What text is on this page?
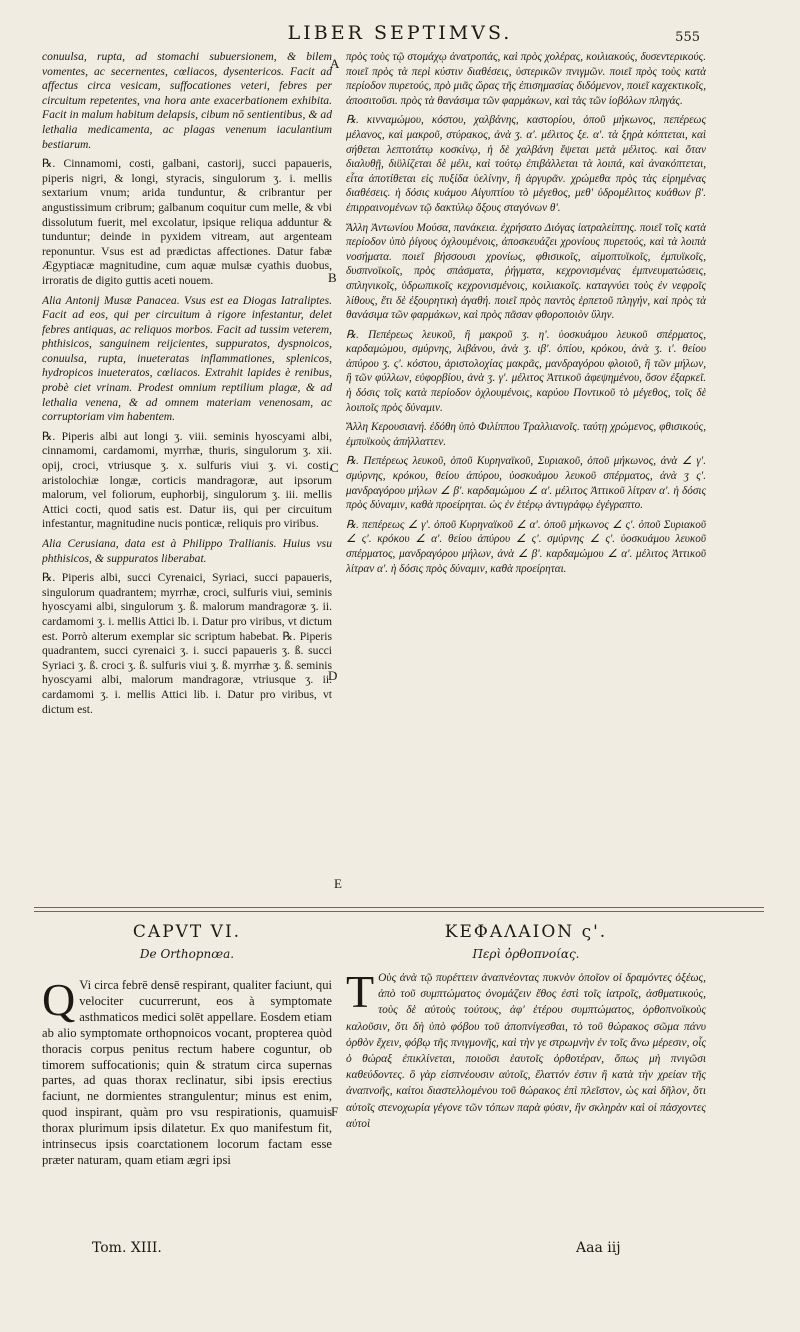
LIBER SEPTIMVS.	555

conuulsa, rupta, ad stomachi subuersionem, & bilem vomentes, ac secernentes, cœliacos, dysentericos. Facit ad affectus circa vesicam, suffocationes veteri, febres per circuitum repetentes, vna hora ante exacerbationem exhibita. Facit in malum habitum delapsis, cibum nō sentientibus, & ad lethalia medicamenta, ac plagas venenum iaculantium bestiarum.

℞. Cinnamomi, costi, galbani, castorij, succi papaueris, piperis nigri, & longi, styracis, singulorum ʒ. i. mellis sextarium vnum; arida tunduntur, & cribrantur per angustissimum cribrum; galbanum coquitur cum melle, & vbi dissolutum fuerit, mel excolatur, ipsique reliqua adduntur & tunduntur; deinde in pyxidem vitream, aut argenteam reponuntur. Vsus est ad prædictas affectiones. Datur fabæ Ægyptiacæ magnitudine, cum aquæ mulsæ cyathis duobus, irroratis de digito guttis aceti nouem.

Alia Antonij Musæ Panacea. Vsus est ea Diogas Iatraliptes. Facit ad eos, qui per circuitum à rigore infestantur, delet febres antiquas, ac reliquos morbos. Facit ad tussim veterem, phthisicos, sanguinem reijcientes, suppuratos, dyspnoicos, conuulsa, rupta, inueteratas inflammationes, splenicos, hydropicos inueteratos, cœliacos. Extrahit lapides è renibus, probè ciet vrinam. Prodest omnium reptilium plagæ, & ad lethalia venena, & ad omnem materiam venenosam, ac corruptoriam vim habentem.

℞. Piperis albi aut longi ʒ. viii. seminis hyoscyami albi, cinnamomi, cardamomi, myrrhæ, thuris, singulorum ʒ. xii. opij, croci, vtriusque ʒ. x. sulfuris viui ʒ. vi. costi, aristolochiæ longæ, corticis mandragoræ, aut ipsorum malorum, vel foliorum, euphorbij, singulorum ʒ. iii. mellis Attici cocti, quod satis est. Datur iis, qui per circuitum infestantur, magnitudine nucis ponticæ, reliquis pro viribus.

Alia Cerusiana, data est à Philippo Trallianis. Huius vsu phthisicos, & suppuratos liberabat.

℞. Piperis albi, succi Cyrenaici, Syriaci, succi papaueris, singulorum quadrantem; myrrhæ, croci, sulfuris viui, seminis hyoscyami albi, singulorum ʒ. ß. malorum mandragoræ ʒ. ii. cardamomi ʒ. i. mellis Attici lb. i. Datur pro viribus, vt dictum est. Porrò alterum exemplar sic scriptum habebat. ℞. Piperis quadrantem, succi cyrenaici ʒ. i. succi papaueris ʒ. ß. succi Syriaci ʒ. ß. croci ʒ. ß. sulfuris viui ʒ. ß. myrrhæ ʒ. ß. seminis hyoscyami albi, malorum mandragoræ, vtriusque ʒ. ii. cardamomi ʒ. i. mellis Attici lib. i. Datur pro viribus, vt dictum est.

πρὸς τοὺς τῷ στομάχῳ ἀνατροπάς, καὶ πρὸς χολέρας, κοιλιακούς, δυσεντερικούς. ποιεῖ πρὸς τὰ περὶ κύστιν διαθέσεις, ὑστερικῶν πνιγμῶν. ποιεῖ πρὸς τοὺς κατὰ περίοδον πυρετούς, πρὸ μιᾶς ὥρας τῆς ἐπισημασίας διδόμενον, ποιεῖ καχεκτικοῖς, ἀποσιτοῦσι. πρὸς τὰ θανάσιμα τῶν φαρμάκων, καὶ τὰς τῶν ἰοβόλων πληγάς.

℞. κινναμώμου, κόστου, χαλβάνης, καστορίου, ὀποῦ μήκωνος, πεπέρεως μέλανος, καὶ μακροῦ, στύρακος, ἀνὰ ʒ. α'. μέλιτος ξε. α'. τὰ ξηρὰ κόπτεται, καὶ σήθεται λεπτοτάτῳ κοσκίνῳ, ἡ δὲ χαλβάνη ἕψεται μετὰ μέλιτος. καὶ ὅταν διαλυθῇ, διϋλίζεται δὲ μέλι, καὶ τούτῳ ἐπιβάλλεται τὰ λοιπά, καὶ ἀνακόπτεται, εἶτα ἀποτίθεται εἰς πυξίδα ὑελίνην, ἢ ἀργυρᾶν. χρώμεθα πρὸς τὰς εἰρημένας διαθέσεις. ἡ δόσις κυάμου Αἰγυπτίου τὸ μέγεθος, μεθ' ὑδρομέλιτος κυάθων β'. ἐπιρραινομένων τῷ δακτύλῳ ὄξους σταγόνων θ'.

Ἄλλη Ἀντωνίου Μούσα, πανάκεια. ἐχρήσατο Διόγας ἰατραλείπτης. ποιεῖ τοῖς κατὰ περίοδον ὑπὸ ῥίγους ὀχλουμένοις, ἀποσκευάζει χρονίους πυρετούς, καὶ τὰ λοιπὰ νοσήματα. ποιεῖ βήσσουσι χρονίως, φθισικοῖς, αἱμοπτυϊκοῖς, ἐμπυϊκοῖς, δυσπνοϊκοῖς, πρὸς σπάσματα, ῥήγματα, κεχρονισμένας ἐμπνευματώσεις, σπληνικοῖς, ὑδρωπικοῖς κεχρονισμένοις, κοιλιακοῖς. καταγνύει τοὺς ἐν νεφροῖς λίθους, ἔτι δὲ ἐξουρητικὴ ἀγαθή. ποιεῖ πρὸς παντὸς ἑρπετοῦ πληγήν, καὶ πρὸς τὰ θανάσιμα τῶν φαρμάκων, καὶ πρὸς πᾶσαν φθοροποιὸν ὕλην.

℞. Πεπέρεως λευκοῦ, ἢ μακροῦ ʒ. η'. ὑοσκυάμου λευκοῦ σπέρματος, καρδαμώμου, σμύρνης, λιβάνου, ἀνὰ ʒ. ιβ'. ὀπίου, κρόκου, ἀνὰ ʒ. ι'. θείου ἀπύρου ʒ. ς'. κόστου, ἀριστολοχίας μακρᾶς, μανδραγόρου φλοιοῦ, ἢ τῶν μήλων, ἢ τῶν φύλλων, εὐφορβίου, ἀνὰ ʒ. γ'. μέλιτος Ἀττικοῦ ἀφεψημένου, ὅσον ἐξαρκεῖ. ἡ δόσις τοῖς κατὰ περίοδον ὀχλουμένοις, καρύου Ποντικοῦ τὸ μέγεθος, τοῖς δὲ λοιποῖς πρὸς δύναμιν.

Ἄλλη Κερουσιανή. ἐδόθη ὑπὸ Φιλίππου Τραλλιανοῖς. ταύτῃ χρώμενος, φθισικούς, ἐμπυϊκοὺς ἀπήλλαττεν.

℞. Πεπέρεως λευκοῦ, ὀποῦ Κυρηναϊκοῦ, Συριακοῦ, ὀποῦ μήκωνος, ἀνὰ ∠ γ'. σμύρνης, κρόκου, θείου ἀπύρου, ὑοσκυάμου λευκοῦ σπέρματος, ἀνὰ ʒ ς'. μανδραγόρου μήλων ∠ β'. καρδαμώμου ∠ α'. μέλιτος Ἀττικοῦ λίτραν α'. ἡ δόσις πρὸς δύναμιν, καθὰ προείρηται. ὡς ἐν ἑτέρῳ ἀντιγράφῳ ἐγέγραπτο.

℞. πεπέρεως ∠ γ'. ὀποῦ Κυρηναϊκοῦ ∠ α'. ὀποῦ μήκωνος ∠ ς'. ὀποῦ Συριακοῦ ∠ ς'. κρόκου ∠ α'. θείου ἀπύρου ∠ ς'. σμύρνης ∠ ς'. ὑοσκυάμου λευκοῦ σπέρματος, μανδραγόρου μήλων, ἀνὰ ∠ β'. καρδαμώμου ∠ α'. μέλιτος Ἀττικοῦ λίτραν α'. ἡ δόσις πρὸς δύναμιν, καθὰ προείρηται.

A
B
C
D
E
F
CAPVT VI.
De Orthopnœa.
ΚΕΦΑΛΑΙΟΝ ς'.
Περὶ ὀρθοπνοίας.
Q Vi circa febrē densē respirant, qualiter faciunt, qui velociter cucurrerunt, eos à symptomate asthmaticos medici solēt appellare. Eosdem etiam ab alio symptomate orthopnoicos vocant, propterea quòd thoracis corpus penitus rectum habere coguntur, ob timorem suffocationis; quin & stratum circa supernas partes, ad quas thorax reclinatur, sibi ipsis erectius faciunt, ne dormientes strangulentur; minus est enim, quod inspirant, quàm pro vsu respirationis, quamuis thorax plurimum ipsis dilatetur. Ex quo manifestum fit, intrinsecus ipsis coarctationem locorum factam esse præter naturam, quam etiam ægri ipsi
Τ Οὺς ἀνὰ τῷ πυρέττειν ἀναπνέοντας πυκνὸν ὁποῖον οἱ δραμόντες ὀξέως, ἀπὸ τοῦ συμπτώματος ὀνομάζειν ἔθος ἐστὶ τοῖς ἰατροῖς, ἀσθματικούς, τοὺς δὲ αὐτοὺς τούτους, ἀφ' ἑτέρου συμπτώματος, ὀρθοπνοϊκοὺς καλοῦσιν, ὅτι δὴ ὑπὸ φόβου τοῦ ἀποπνίγεσθαι, τὸ τοῦ θώρακος σῶμα πάνυ ὀρθὸν ἔχειν, φόβῳ τῆς πνιγμονῆς, καὶ τὴν γε στρωμνὴν ἐν τοῖς ἄνω μέρεσιν, οἷς ὁ θώραξ ἐπικλίνεται, ποιοῦσι ἑαυτοῖς ὀρθοτέραν, ὅπως μὴ πνιγῶσι καθεύδοντες. ὃ γὰρ εἰσπνέουσιν αὐτοῖς, ἔλαττόν ἐστιν ἢ κατὰ τὴν χρείαν τῆς ἀναπνοῆς, καίτοι διαστελλομένου τοῦ θώρακος ἐπὶ πλεῖστον, ὡς καὶ δῆλον, ὅτι αὐτοῖς στενοχωρία γέγονε τῶν τόπων παρὰ φύσιν, ἣν σκληρὰν καὶ οἱ πάσχοντες αὐτοὶ
Tom. XIII.	Aaa iij
